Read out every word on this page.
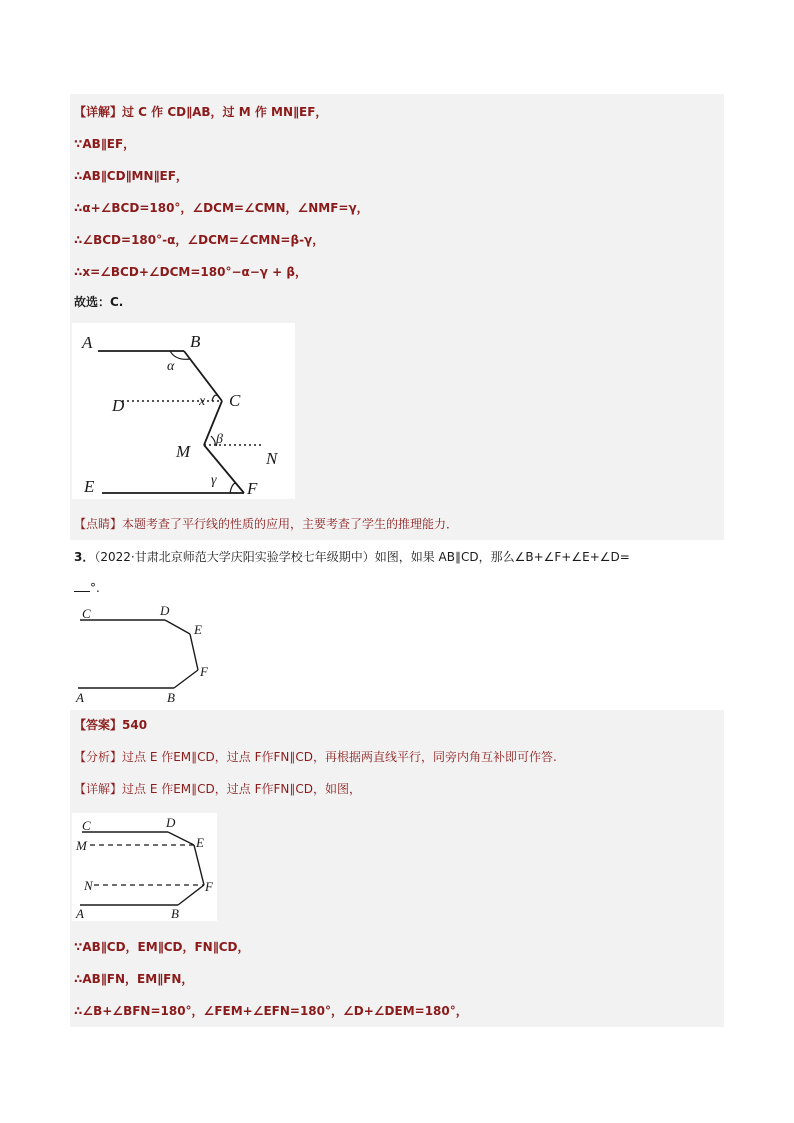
【详解】过 C 作 CD∥AB，过 M 作 MN∥EF，
∵AB∥EF，
∴AB∥CD∥MN∥EF，
∴α+∠BCD=180°，∠DCM=∠CMN，∠NMF=γ，
∴∠BCD=180°-α，∠DCM=∠CMN=β-γ，
∴x=∠BCD+∠DCM=180°−α−γ + β，
故选：C.
A	B
α
D	x C
M
β
N
E	γ F
【点睛】本题考查了平行线的性质的应用，主要考查了学生的推理能力．
3．（2022·甘肃北京师范大学庆阳实验学校七年级期中）如图，如果 AB∥CD，那么∠B+∠F+∠E+∠D=
°.
C	D
E
F
A	B
【答案】540
【分析】过点 E 作EM∥CD，过点 F作FN∥CD，再根据两直线平行，同旁内角互补即可作答.
【详解】过点 E 作EM∥CD，过点 F作FN∥CD，如图，
C	D
M	E
N	F
A	B
∵AB∥CD，EM∥CD，FN∥CD，
∴AB∥FN，EM∥FN，
∴∠B+∠BFN=180°，∠FEM+∠EFN=180°，∠D+∠DEM=180°，
